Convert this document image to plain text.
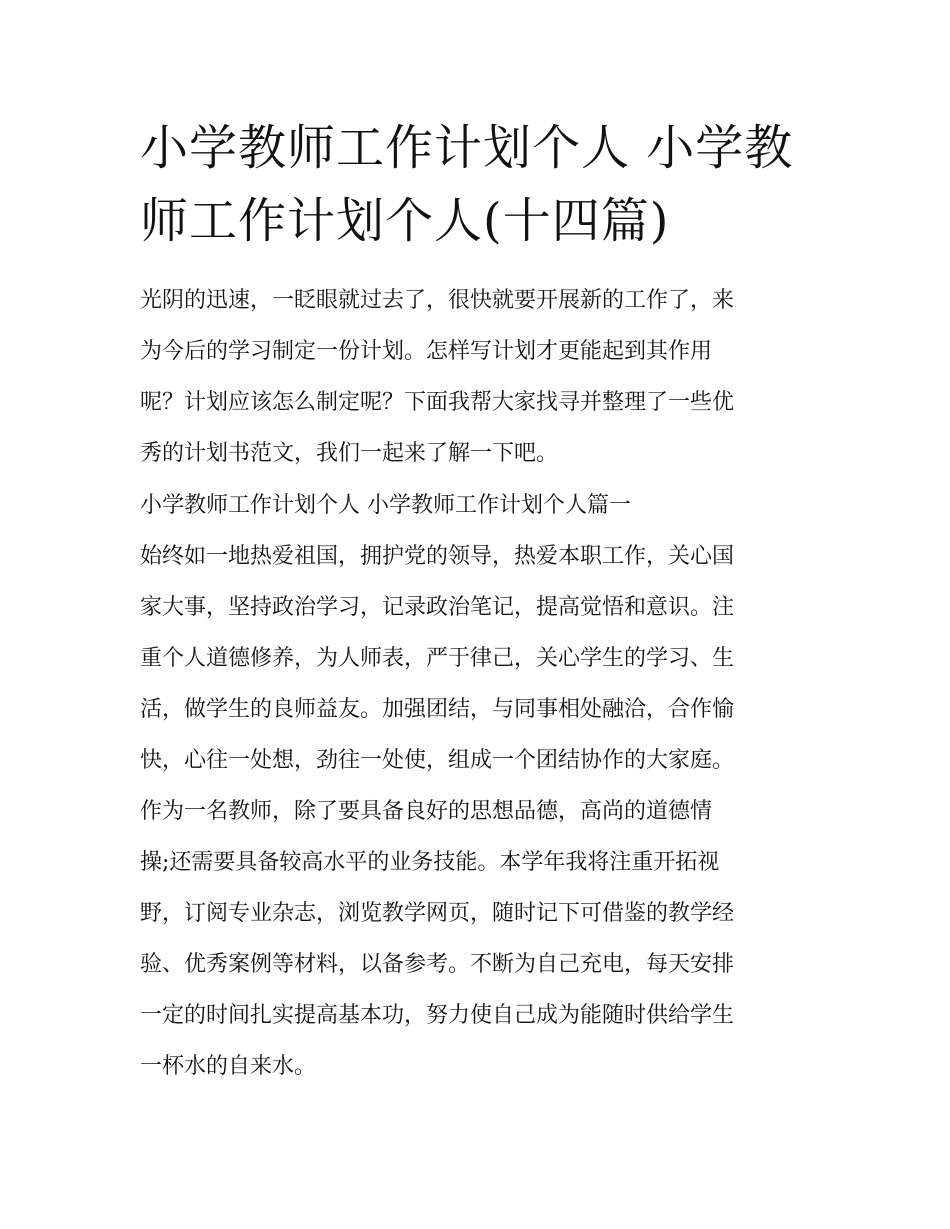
小学教师工作计划个人 小学教
师工作计划个人(十四篇)

光阴的迅速，一眨眼就过去了，很快就要开展新的工作了，来
为今后的学习制定一份计划。怎样写计划才更能起到其作用
呢？计划应该怎么制定呢？下面我帮大家找寻并整理了一些优
秀的计划书范文，我们一起来了解一下吧。

小学教师工作计划个人 小学教师工作计划个人篇一

始终如一地热爱祖国，拥护党的领导，热爱本职工作，关心国
家大事，坚持政治学习，记录政治笔记，提高觉悟和意识。注
重个人道德修养，为人师表，严于律己，关心学生的学习、生
活，做学生的良师益友。加强团结，与同事相处融洽，合作愉
快，心往一处想，劲往一处使，组成一个团结协作的大家庭。
作为一名教师，除了要具备良好的思想品德，高尚的道德情
操;还需要具备较高水平的业务技能。本学年我将注重开拓视
野，订阅专业杂志，浏览教学网页，随时记下可借鉴的教学经
验、优秀案例等材料，以备参考。不断为自己充电，每天安排
一定的时间扎实提高基本功，努力使自己成为能随时供给学生
一杯水的自来水。
